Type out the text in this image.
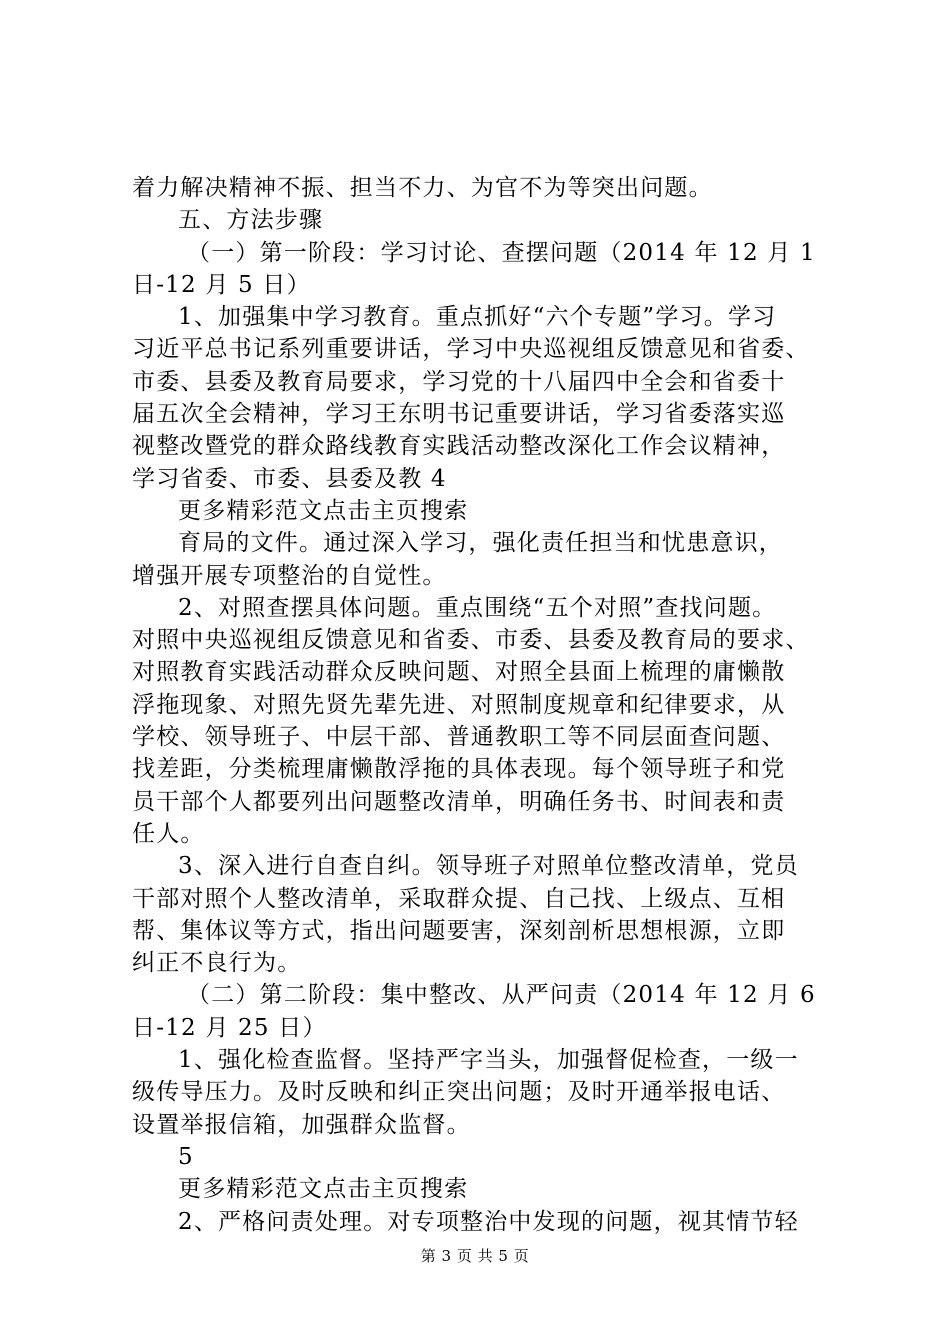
着力解决精神不振、担当不力、为官不为等突出问题。
五、方法步骤
（一）第一阶段：学习讨论、查摆问题（2014 年 12 月 1
日-12 月 5 日）
1、加强集中学习教育。重点抓好“六个专题”学习。学习
习近平总书记系列重要讲话，学习中央巡视组反馈意见和省委、
市委、县委及教育局要求，学习党的十八届四中全会和省委十
届五次全会精神，学习王东明书记重要讲话，学习省委落实巡
视整改暨党的群众路线教育实践活动整改深化工作会议精神，
学习省委、市委、县委及教 4
更多精彩范文点击主页搜索
育局的文件。通过深入学习，强化责任担当和忧患意识，
增强开展专项整治的自觉性。
2、对照查摆具体问题。重点围绕“五个对照”查找问题。
对照中央巡视组反馈意见和省委、市委、县委及教育局的要求、
对照教育实践活动群众反映问题、对照全县面上梳理的庸懒散
浮拖现象、对照先贤先辈先进、对照制度规章和纪律要求，从
学校、领导班子、中层干部、普通教职工等不同层面查问题、
找差距，分类梳理庸懒散浮拖的具体表现。每个领导班子和党
员干部个人都要列出问题整改清单，明确任务书、时间表和责
任人。
3、深入进行自查自纠。领导班子对照单位整改清单，党员
干部对照个人整改清单，采取群众提、自己找、上级点、互相
帮、集体议等方式，指出问题要害，深刻剖析思想根源，立即
纠正不良行为。
（二）第二阶段：集中整改、从严问责（2014 年 12 月 6
日-12 月 25 日）
1、强化检查监督。坚持严字当头，加强督促检查，一级一
级传导压力。及时反映和纠正突出问题；及时开通举报电话、
设置举报信箱，加强群众监督。
5
更多精彩范文点击主页搜索
2、严格问责处理。对专项整治中发现的问题，视其情节轻
第 3 页 共 5 页
